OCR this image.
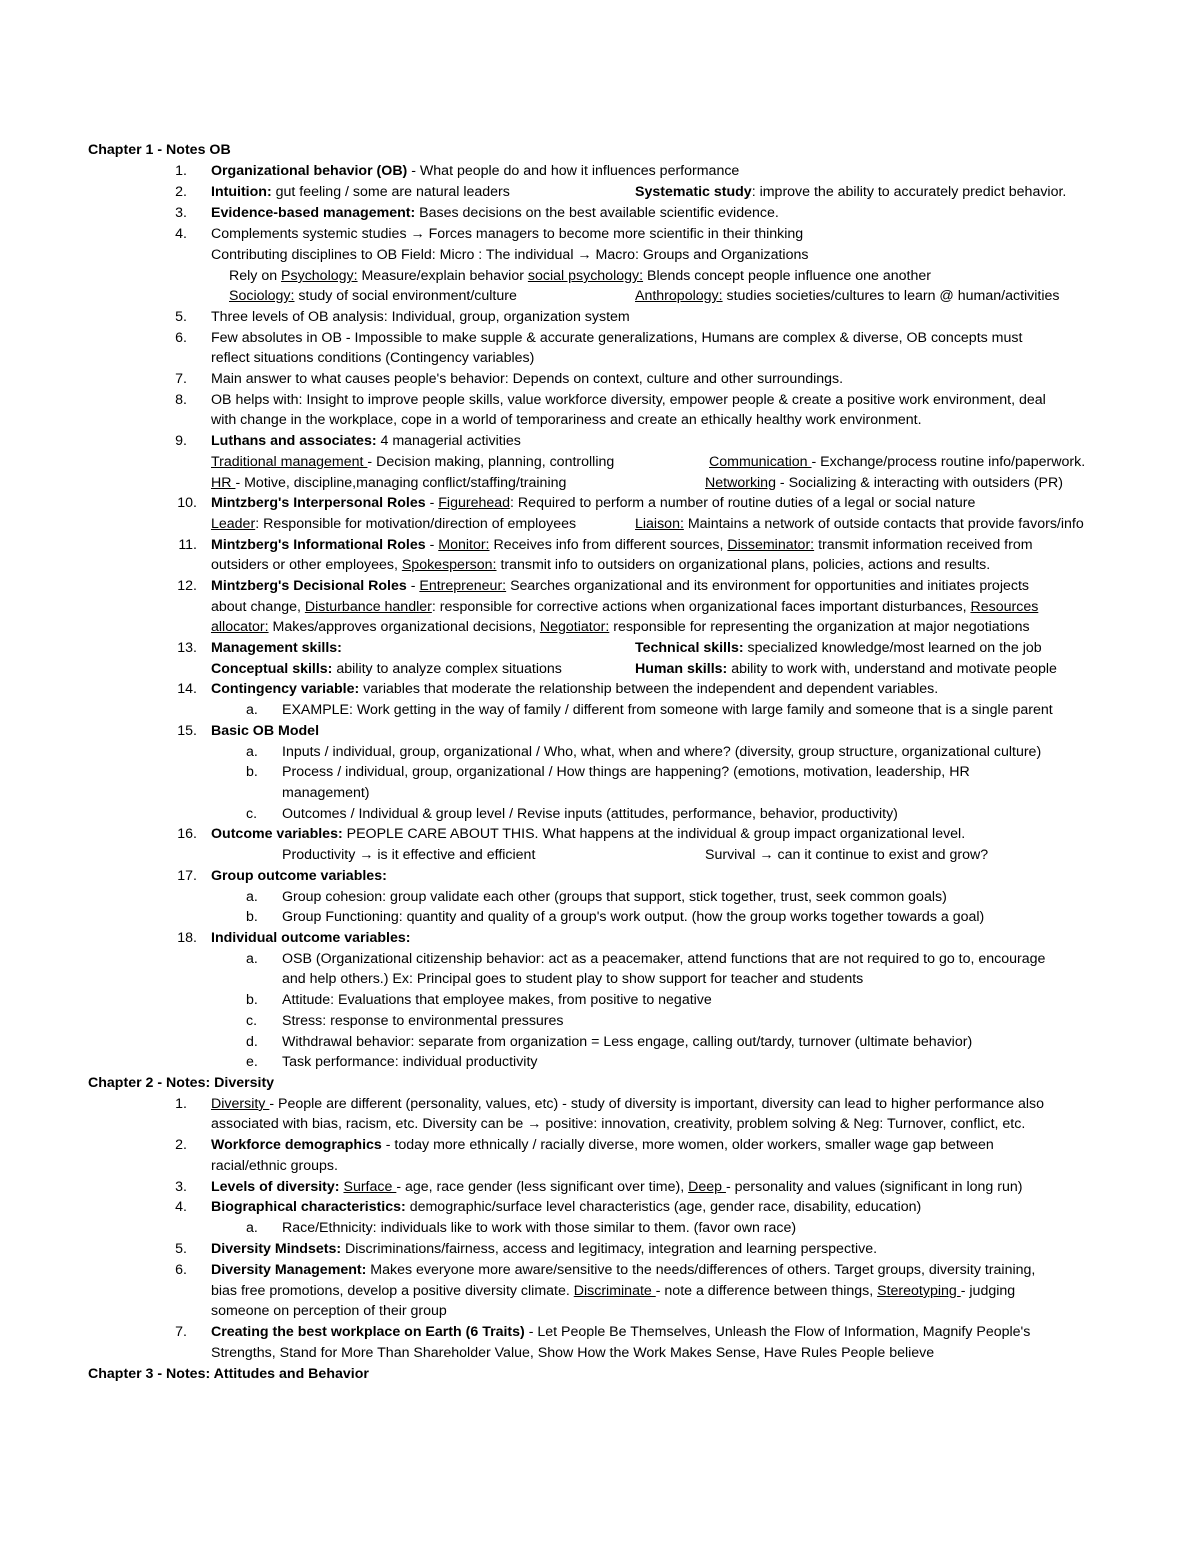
Chapter 1 - Notes OB
1. Organizational behavior (OB) - What people do and how it influences performance
2. Intuition: gut feeling / some are natural leaders	Systematic study: improve the ability to accurately predict behavior.
3. Evidence-based management: Bases decisions on the best available scientific evidence.
4. Complements systemic studies → Forces managers to become more scientific in their thinking
Contributing disciplines to OB Field: Micro : The individual → Macro: Groups and Organizations
Rely on Psychology: Measure/explain behavior social psychology: Blends concept people influence one another
Sociology: study of social environment/culture	Anthropology: studies societies/cultures to learn @ human/activities
5. Three levels of OB analysis: Individual, group, organization system
6. Few absolutes in OB - Impossible to make supple & accurate generalizations, Humans are complex & diverse, OB concepts must
reflect situations conditions (Contingency variables)
7. Main answer to what causes people's behavior: Depends on context, culture and other surroundings.
8. OB helps with: Insight to improve people skills, value workforce diversity, empower people & create a positive work environment, deal
with change in the workplace, cope in a world of temporariness and create an ethically healthy work environment.
9. Luthans and associates: 4 managerial activities
Traditional management - Decision making, planning, controlling	Communication - Exchange/process routine info/paperwork.
HR - Motive, discipline,managing conflict/staffing/training	Networking - Socializing & interacting with outsiders (PR)
10. Mintzberg's Interpersonal Roles - Figurehead: Required to perform a number of routine duties of a legal or social nature
Leader: Responsible for motivation/direction of employees	Liaison: Maintains a network of outside contacts that provide favors/info
11. Mintzberg's Informational Roles - Monitor: Receives info from different sources, Disseminator: transmit information received from
outsiders or other employees, Spokesperson: transmit info to outsiders on organizational plans, policies, actions and results.
12. Mintzberg's Decisional Roles - Entrepreneur: Searches organizational and its environment for opportunities and initiates projects
about change, Disturbance handler: responsible for corrective actions when organizational faces important disturbances, Resources
allocator: Makes/approves organizational decisions, Negotiator: responsible for representing the organization at major negotiations
13. Management skills:	Technical skills: specialized knowledge/most learned on the job
Conceptual skills: ability to analyze complex situations	Human skills: ability to work with, understand and motivate people
14. Contingency variable: variables that moderate the relationship between the independent and dependent variables.
a. EXAMPLE: Work getting in the way of family / different from someone with large family and someone that is a single parent
15. Basic OB Model
a. Inputs / individual, group, organizational / Who, what, when and where? (diversity, group structure, organizational culture)
b. Process / individual, group, organizational / How things are happening? (emotions, motivation, leadership, HR
management)
c. Outcomes / Individual & group level / Revise inputs (attitudes, performance, behavior, productivity)
16. Outcome variables: PEOPLE CARE ABOUT THIS. What happens at the individual & group impact organizational level.
Productivity → is it effective and efficient	Survival → can it continue to exist and grow?
17. Group outcome variables:
a. Group cohesion: group validate each other (groups that support, stick together, trust, seek common goals)
b. Group Functioning: quantity and quality of a group's work output. (how the group works together towards a goal)
18. Individual outcome variables:
a. OSB (Organizational citizenship behavior: act as a peacemaker, attend functions that are not required to go to, encourage
and help others.) Ex: Principal goes to student play to show support for teacher and students
b. Attitude: Evaluations that employee makes, from positive to negative
c. Stress: response to environmental pressures
d. Withdrawal behavior: separate from organization = Less engage, calling out/tardy, turnover (ultimate behavior)
e. Task performance: individual productivity
Chapter 2 - Notes: Diversity
1. Diversity - People are different (personality, values, etc) - study of diversity is important, diversity can lead to higher performance also
associated with bias, racism, etc. Diversity can be → positive: innovation, creativity, problem solving & Neg: Turnover, conflict, etc.
2. Workforce demographics - today more ethnically / racially diverse, more women, older workers, smaller wage gap between
racial/ethnic groups.
3. Levels of diversity: Surface - age, race gender (less significant over time), Deep - personality and values (significant in long run)
4. Biographical characteristics: demographic/surface level characteristics (age, gender race, disability, education)
a. Race/Ethnicity: individuals like to work with those similar to them. (favor own race)
5. Diversity Mindsets: Discriminations/fairness, access and legitimacy, integration and learning perspective.
6. Diversity Management: Makes everyone more aware/sensitive to the needs/differences of others. Target groups, diversity training,
bias free promotions, develop a positive diversity climate. Discriminate - note a difference between things, Stereotyping - judging
someone on perception of their group
7. Creating the best workplace on Earth (6 Traits) - Let People Be Themselves, Unleash the Flow of Information, Magnify People's
Strengths, Stand for More Than Shareholder Value, Show How the Work Makes Sense, Have Rules People believe
Chapter 3 - Notes: Attitudes and Behavior
